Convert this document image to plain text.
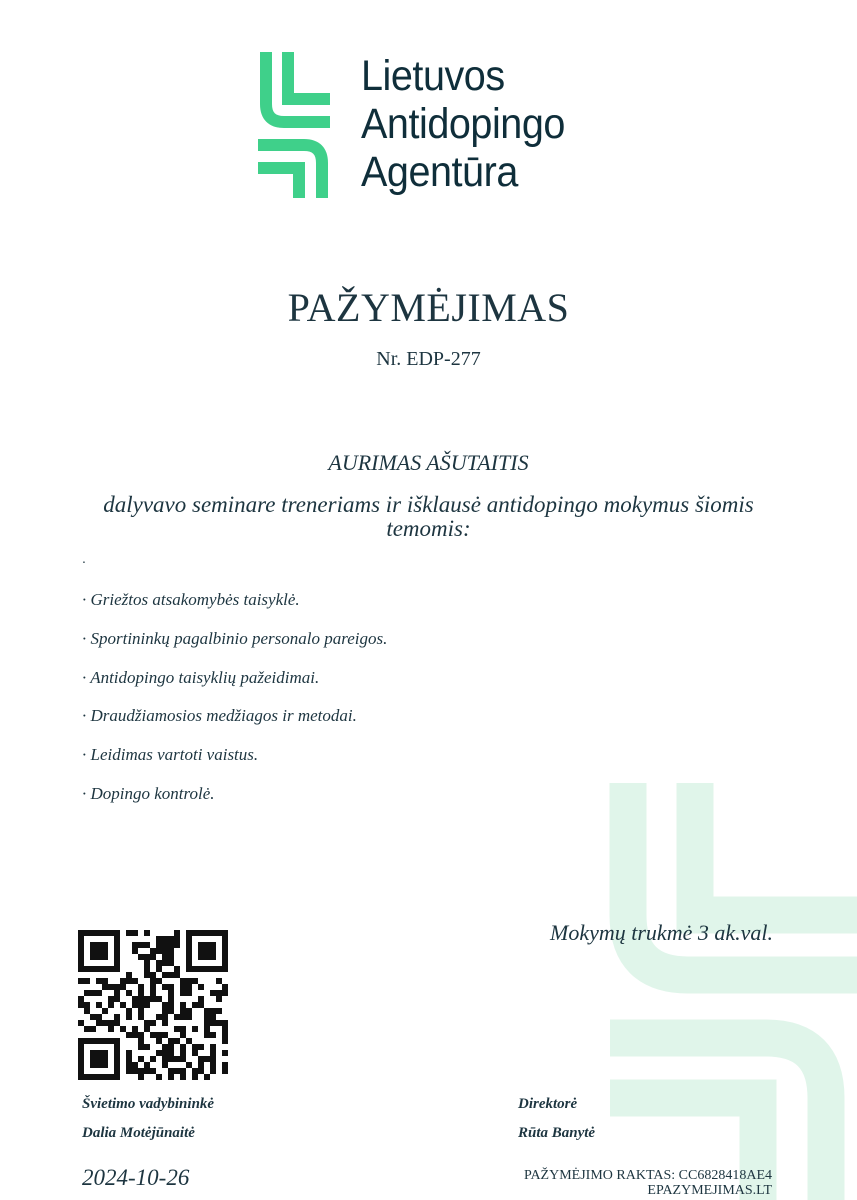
Lietuvos
Antidopingo
Agentūra
PAŽYMĖJIMAS
Nr. EDP-277
AURIMAS AŠUTAITIS
dalyvavo seminare treneriams ir išklausė antidopingo mokymus šiomis temomis:
·
· Griežtos atsakomybės taisyklė.
· Sportininkų pagalbinio personalo pareigos.
· Antidopingo taisyklių pažeidimai.
· Draudžiamosios medžiagos ir metodai.
· Leidimas vartoti vaistus.
· Dopingo kontrolė.
Mokymų trukmė 3 ak.val.
Švietimo vadybininkė
Dalia Motėjūnaitė
Direktorė
Rūta Banytė
2024-10-26	PAŽYMĖJIMO RAKTAS: CC6828418AE4
EPAZYMEJIMAS.LT
